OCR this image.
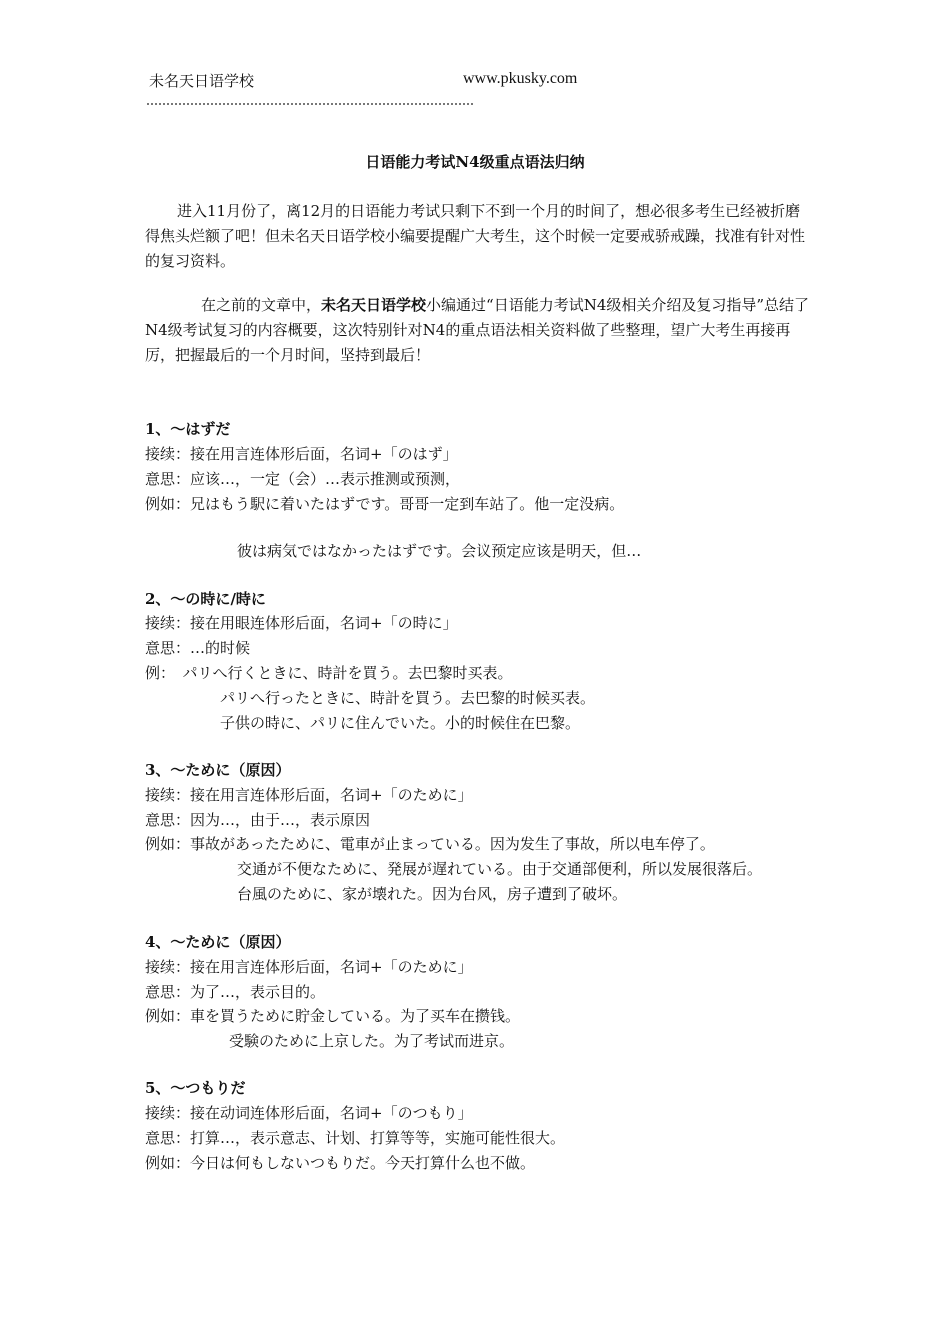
未名天日语学校	www.pkusky.com
日语能力考试N4级重点语法归纳
进入11月份了，离12月的日语能力考试只剩下不到一个月的时间了，想必很多考生已经被折磨得焦头烂额了吧！但未名天日语学校小编要提醒广大考生，这个时候一定要戒骄戒躁，找准有针对性的复习资料。
在之前的文章中，未名天日语学校小编通过“日语能力考试N4级相关介绍及复习指导”总结了N4级考试复习的内容概要，这次特别针对N4的重点语法相关资料做了些整理，望广大考生再接再厉，把握最后的一个月时间，坚持到最后！
1、～はずだ
接续：接在用言连体形后面，名词+「のはず」
意思：应该…，一定（会）…表示推测或预测，
例如：兄はもう駅に着いたはずです。哥哥一定到车站了。他一定没病。
彼は病気ではなかったはずです。会议预定应该是明天，但…
2、～の時に/時に
接续：接在用眼连体形后面，名词+「の時に」
意思：…的时候
例：　パリへ行くときに、時計を買う。去巴黎时买表。
パリへ行ったときに、時計を買う。去巴黎的时候买表。
子供の時に、パリに住んでいた。小的时候住在巴黎。
3、～ために（原因）
接续：接在用言连体形后面，名词+「のために」
意思：因为…，由于…，表示原因
例如：事故があったために、電車が止まっている。因为发生了事故，所以电车停了。
交通が不便なために、発展が遅れている。由于交通部便利，所以发展很落后。
台風のために、家が壊れた。因为台风，房子遭到了破坏。
4、～ために（原因）
接续：接在用言连体形后面，名词+「のために」
意思：为了…，表示目的。
例如：車を買うために貯金している。为了买车在攒钱。
受験のために上京した。为了考试而进京。
5、～つもりだ
接续：接在动词连体形后面，名词+「のつもり」
意思：打算…，表示意志、计划、打算等等，实施可能性很大。
例如：今日は何もしないつもりだ。今天打算什么也不做。
